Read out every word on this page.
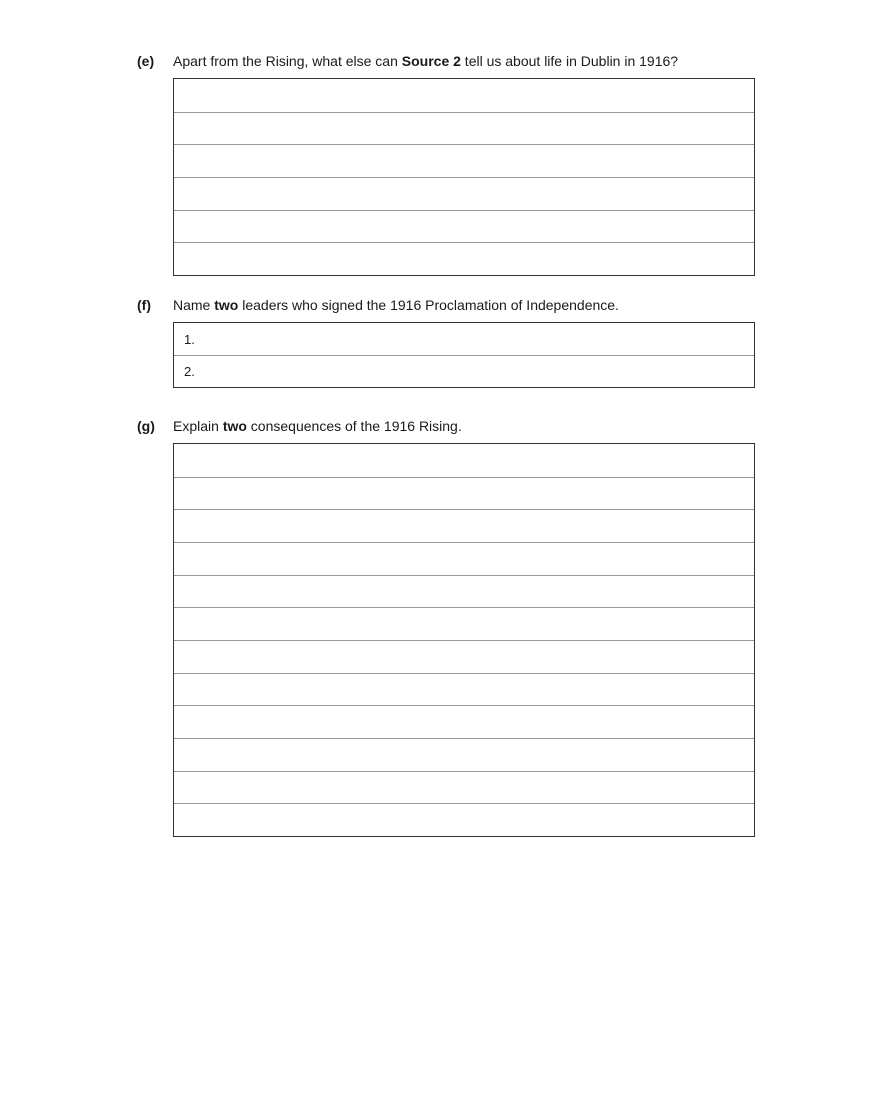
(e) Apart from the Rising, what else can Source 2 tell us about life in Dublin in 1916?
(f) Name two leaders who signed the 1916 Proclamation of Independence.
1.
2.
(g) Explain two consequences of the 1916 Rising.
